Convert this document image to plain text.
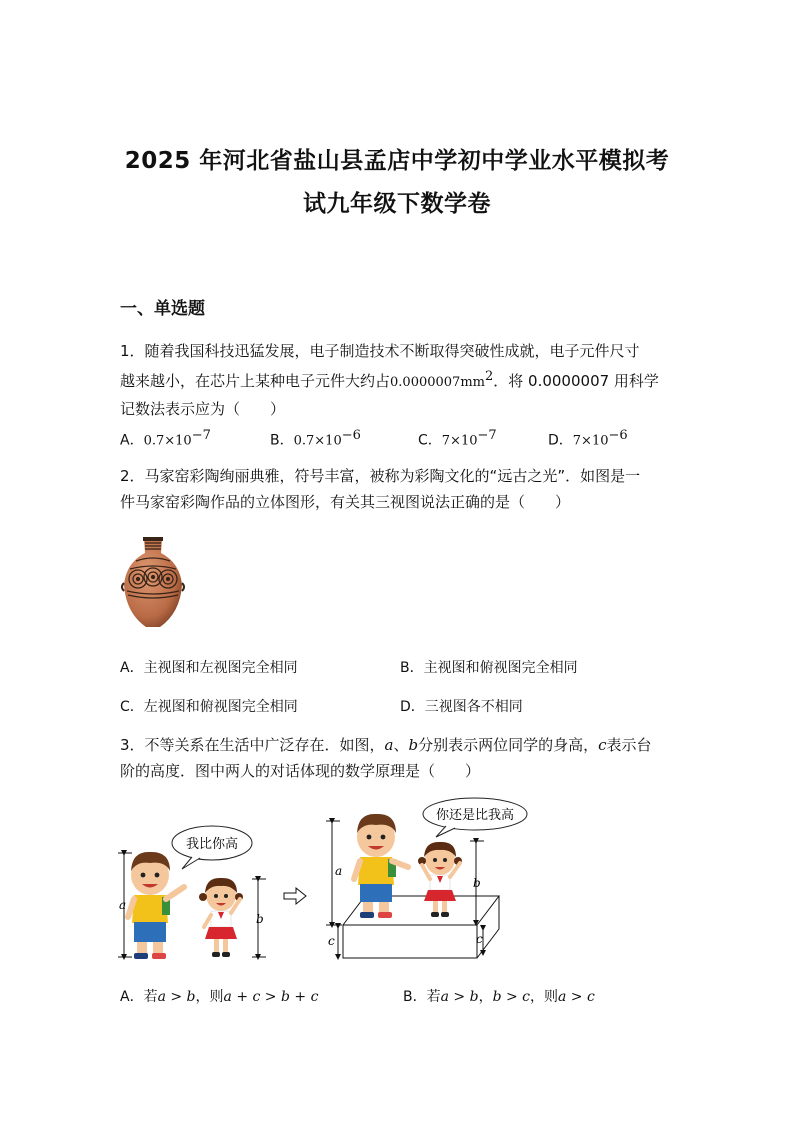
2025 年河北省盐山县孟店中学初中学业水平模拟考
试九年级下数学卷
一、单选题
1．随着我国科技迅猛发展，电子制造技术不断取得突破性成就，电子元件尺寸
越来越小，在芯片上某种电子元件大约占$0.0000007mm^2$．将 0.0000007 用科学
记数法表示应为（　　）
A．$0.7\times 10^{-7}$	B．$0.7\times 10^{-6}$	C．$7\times 10^{-7}$	D．$7\times 10^{-6}$
2．马家窑彩陶绚丽典雅，符号丰富，被称为彩陶文化的“远古之光”．如图是一
件马家窑彩陶作品的立体图形，有关其三视图说法正确的是（　　）
A．主视图和左视图完全相同	B．主视图和俯视图完全相同
C．左视图和俯视图完全相同	D．三视图各不相同
3．不等关系在生活中广泛存在．如图，a、b分别表示两位同学的身高，c表示台
阶的高度．图中两人的对话体现的数学原理是（　　）
我比你高
a
b
你还是比我高
a
c
b
c
A．若a > b，则a + c > b + c	B．若a > b，b > c，则a > c
